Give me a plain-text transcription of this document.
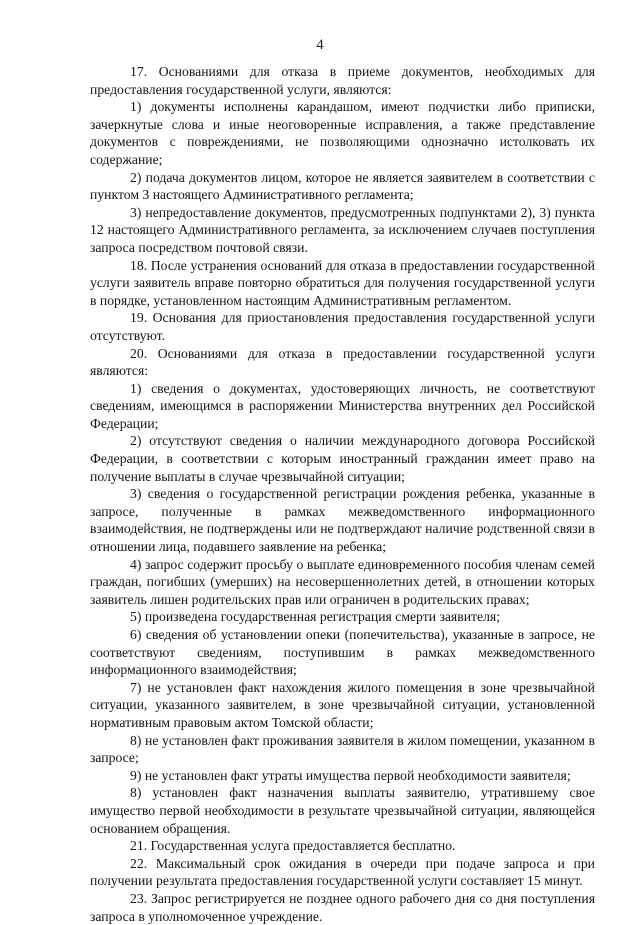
4

17. Основаниями для отказа в приеме документов, необходимых для предоставления государственной услуги, являются:

1) документы исполнены карандашом, имеют подчистки либо приписки, зачеркнутые слова и иные неоговоренные исправления, а также представление документов с повреждениями, не позволяющими однозначно истолковать их содержание;

2) подача документов лицом, которое не является заявителем в соответствии с пунктом 3 настоящего Административного регламента;

3) непредоставление документов, предусмотренных подпунктами 2), 3) пункта 12 настоящего Административного регламента, за исключением случаев поступления запроса посредством почтовой связи.

18. После устранения оснований для отказа в предоставлении государственной услуги заявитель вправе повторно обратиться для получения государственной услуги в порядке, установленном настоящим Административным регламентом.

19. Основания для приостановления предоставления государственной услуги отсутствуют.

20. Основаниями для отказа в предоставлении государственной услуги являются:

1) сведения о документах, удостоверяющих личность, не соответствуют сведениям, имеющимся в распоряжении Министерства внутренних дел Российской Федерации;

2) отсутствуют сведения о наличии международного договора Российской Федерации, в соответствии с которым иностранный гражданин имеет право на получение выплаты в случае чрезвычайной ситуации;

3) сведения о государственной регистрации рождения ребенка, указанные в запросе, полученные в рамках межведомственного информационного взаимодействия, не подтверждены или не подтверждают наличие родственной связи в отношении лица, подавшего заявление на ребенка;

4) запрос содержит просьбу о выплате единовременного пособия членам семей граждан, погибших (умерших) на несовершеннолетних детей, в отношении которых заявитель лишен родительских прав или ограничен в родительских правах;

5) произведена государственная регистрация смерти заявителя;

6) сведения об установлении опеки (попечительства), указанные в запросе, не соответствуют сведениям, поступившим в рамках межведомственного информационного взаимодействия;

7) не установлен факт нахождения жилого помещения в зоне чрезвычайной ситуации, указанного заявителем, в зоне чрезвычайной ситуации, установленной нормативным правовым актом Томской области;

8) не установлен факт проживания заявителя в жилом помещении, указанном в запросе;

9) не установлен факт утраты имущества первой необходимости заявителя;

8) установлен факт назначения выплаты заявителю, утратившему свое имущество первой необходимости в результате чрезвычайной ситуации, являющейся основанием обращения.

21. Государственная услуга предоставляется бесплатно.

22. Максимальный срок ожидания в очереди при подаче запроса и при получении результата предоставления государственной услуги составляет 15 минут.

23. Запрос регистрируется не позднее одного рабочего дня со дня поступления запроса в уполномоченное учреждение.
